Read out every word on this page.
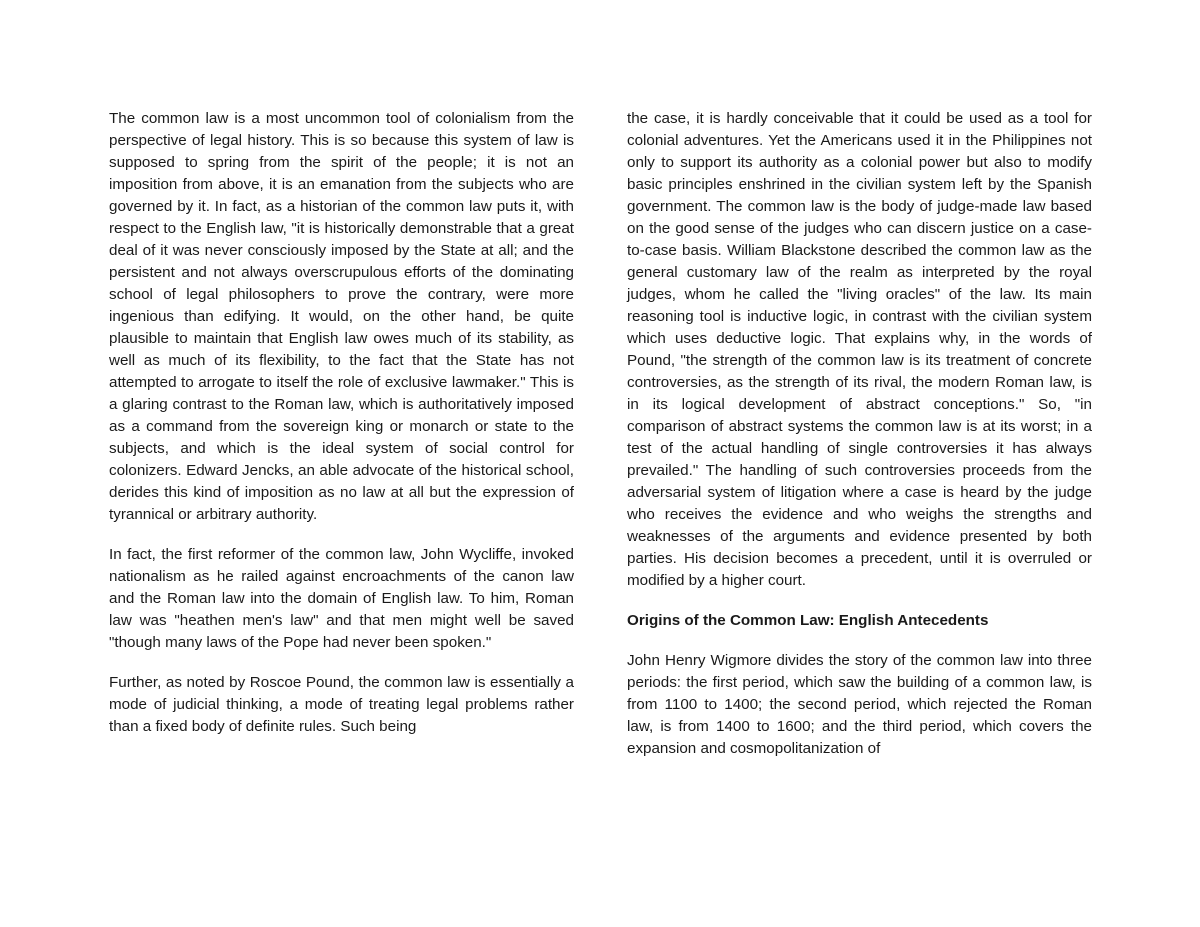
The common law is a most uncommon tool of colonialism from the perspective of legal history. This is so because this system of law is supposed to spring from the spirit of the people; it is not an imposition from above, it is an emanation from the subjects who are governed by it. In fact, as a historian of the common law puts it, with respect to the English law, "it is historically demonstrable that a great deal of it was never consciously imposed by the State at all; and the persistent and not always overscrupulous efforts of the dominating school of legal philosophers to prove the contrary, were more ingenious than edifying. It would, on the other hand, be quite plausible to maintain that English law owes much of its stability, as well as much of its flexibility, to the fact that the State has not attempted to arrogate to itself the role of exclusive lawmaker." This is a glaring contrast to the Roman law, which is authoritatively imposed as a command from the sovereign king or monarch or state to the subjects, and which is the ideal system of social control for colonizers. Edward Jencks, an able advocate of the historical school, derides this kind of imposition as no law at all but the expression of tyrannical or arbitrary authority.

In fact, the first reformer of the common law, John Wycliffe, invoked nationalism as he railed against encroachments of the canon law and the Roman law into the domain of English law. To him, Roman law was "heathen men's law" and that men might well be saved "though many laws of the Pope had never been spoken."

Further, as noted by Roscoe Pound, the common law is essentially a mode of judicial thinking, a mode of treating legal problems rather than a fixed body of definite rules. Such being

the case, it is hardly conceivable that it could be used as a tool for colonial adventures. Yet the Americans used it in the Philippines not only to support its authority as a colonial power but also to modify basic principles enshrined in the civilian system left by the Spanish government. The common law is the body of judge-made law based on the good sense of the judges who can discern justice on a case-to-case basis. William Blackstone described the common law as the general customary law of the realm as interpreted by the royal judges, whom he called the "living oracles" of the law. Its main reasoning tool is inductive logic, in contrast with the civilian system which uses deductive logic. That explains why, in the words of Pound, "the strength of the common law is its treatment of concrete controversies, as the strength of its rival, the modern Roman law, is in its logical development of abstract conceptions." So, "in comparison of abstract systems the common law is at its worst; in a test of the actual handling of single controversies it has always prevailed." The handling of such controversies proceeds from the adversarial system of litigation where a case is heard by the judge who receives the evidence and who weighs the strengths and weaknesses of the arguments and evidence presented by both parties. His decision becomes a precedent, until it is overruled or modified by a higher court.

Origins of the Common Law: English Antecedents

John Henry Wigmore divides the story of the common law into three periods: the first period, which saw the building of a common law, is from 1100 to 1400; the second period, which rejected the Roman law, is from 1400 to 1600; and the third period, which covers the expansion and cosmopolitanization of
